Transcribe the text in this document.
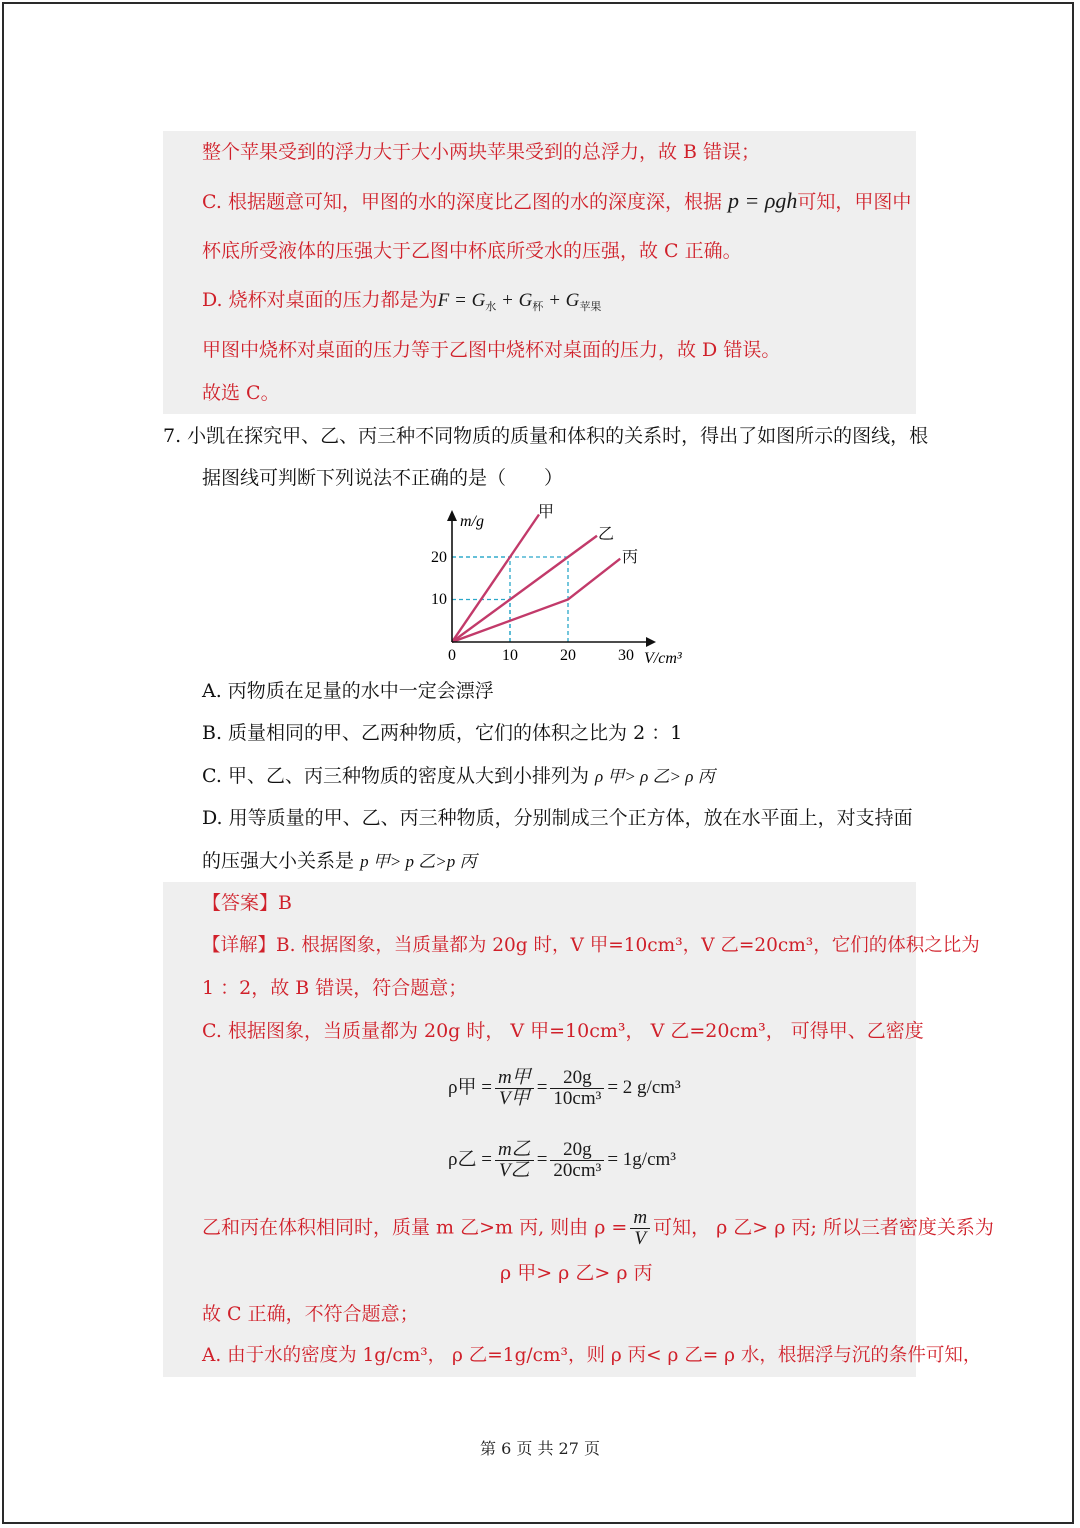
整个苹果受到的浮力大于大小两块苹果受到的总浮力，故 B 错误；
C. 根据题意可知，甲图的水的深度比乙图的水的深度深，根据 p = ρgh可知，甲图中
杯底所受液体的压强大于乙图中杯底所受水的压强，故 C 正确。
D. 烧杯对桌面的压力都是为$F = G_水 + G_杯 + G_{苹果}$
甲图中烧杯对桌面的压力等于乙图中烧杯对桌面的压力，故 D 错误。
故选 C。
7. 小凯在探究甲、乙、丙三种不同物质的质量和体积的关系时，得出了如图所示的图线，根
据图线可判断下列说法不正确的是（　　）
m/g
V/cm³
0	10	20	30
10
20
甲
乙
丙
A. 丙物质在足量的水中一定会漂浮
B. 质量相同的甲、乙两种物质，它们的体积之比为 2 ：1
C. 甲、乙、丙三种物质的密度从大到小排列为 ρ 甲> ρ 乙> ρ 丙
D. 用等质量的甲、乙、丙三种物质，分别制成三个正方体，放在水平面上，对支持面
的压强大小关系是 p 甲> p 乙>p 丙
【答案】B
【详解】B. 根据图象，当质量都为 20g 时，V 甲=10cm³，V 乙=20cm³，它们的体积之比为
1 ：2，故 B 错误，符合题意；
C. 根据图象，当质量都为 20g 时， V 甲=10cm³， V 乙=20cm³， 可得甲、乙密度
ρ甲 = $\frac{\text{m甲}}{\text{V甲}} = \frac{20g}{\text{10cm³}} = 2$ g/cm³
ρ乙 = $\frac{\text{m乙}}{\text{V乙}} = \frac{20g}{\text{20cm³}} = 1g/cm^3$
乙和丙在体积相同时，质量 m 乙>m 丙, 则由 $\rho = \frac{m}{V}$ 可知， ρ 乙> ρ 丙; 所以三者密度关系为
ρ 甲> ρ 乙> ρ 丙
故 C 正确，不符合题意；
A. 由于水的密度为 1g/cm³， ρ 乙=1g/cm³，则 ρ 丙< ρ 乙= ρ 水，根据浮与沉的条件可知，
第 6 页 共 27 页
